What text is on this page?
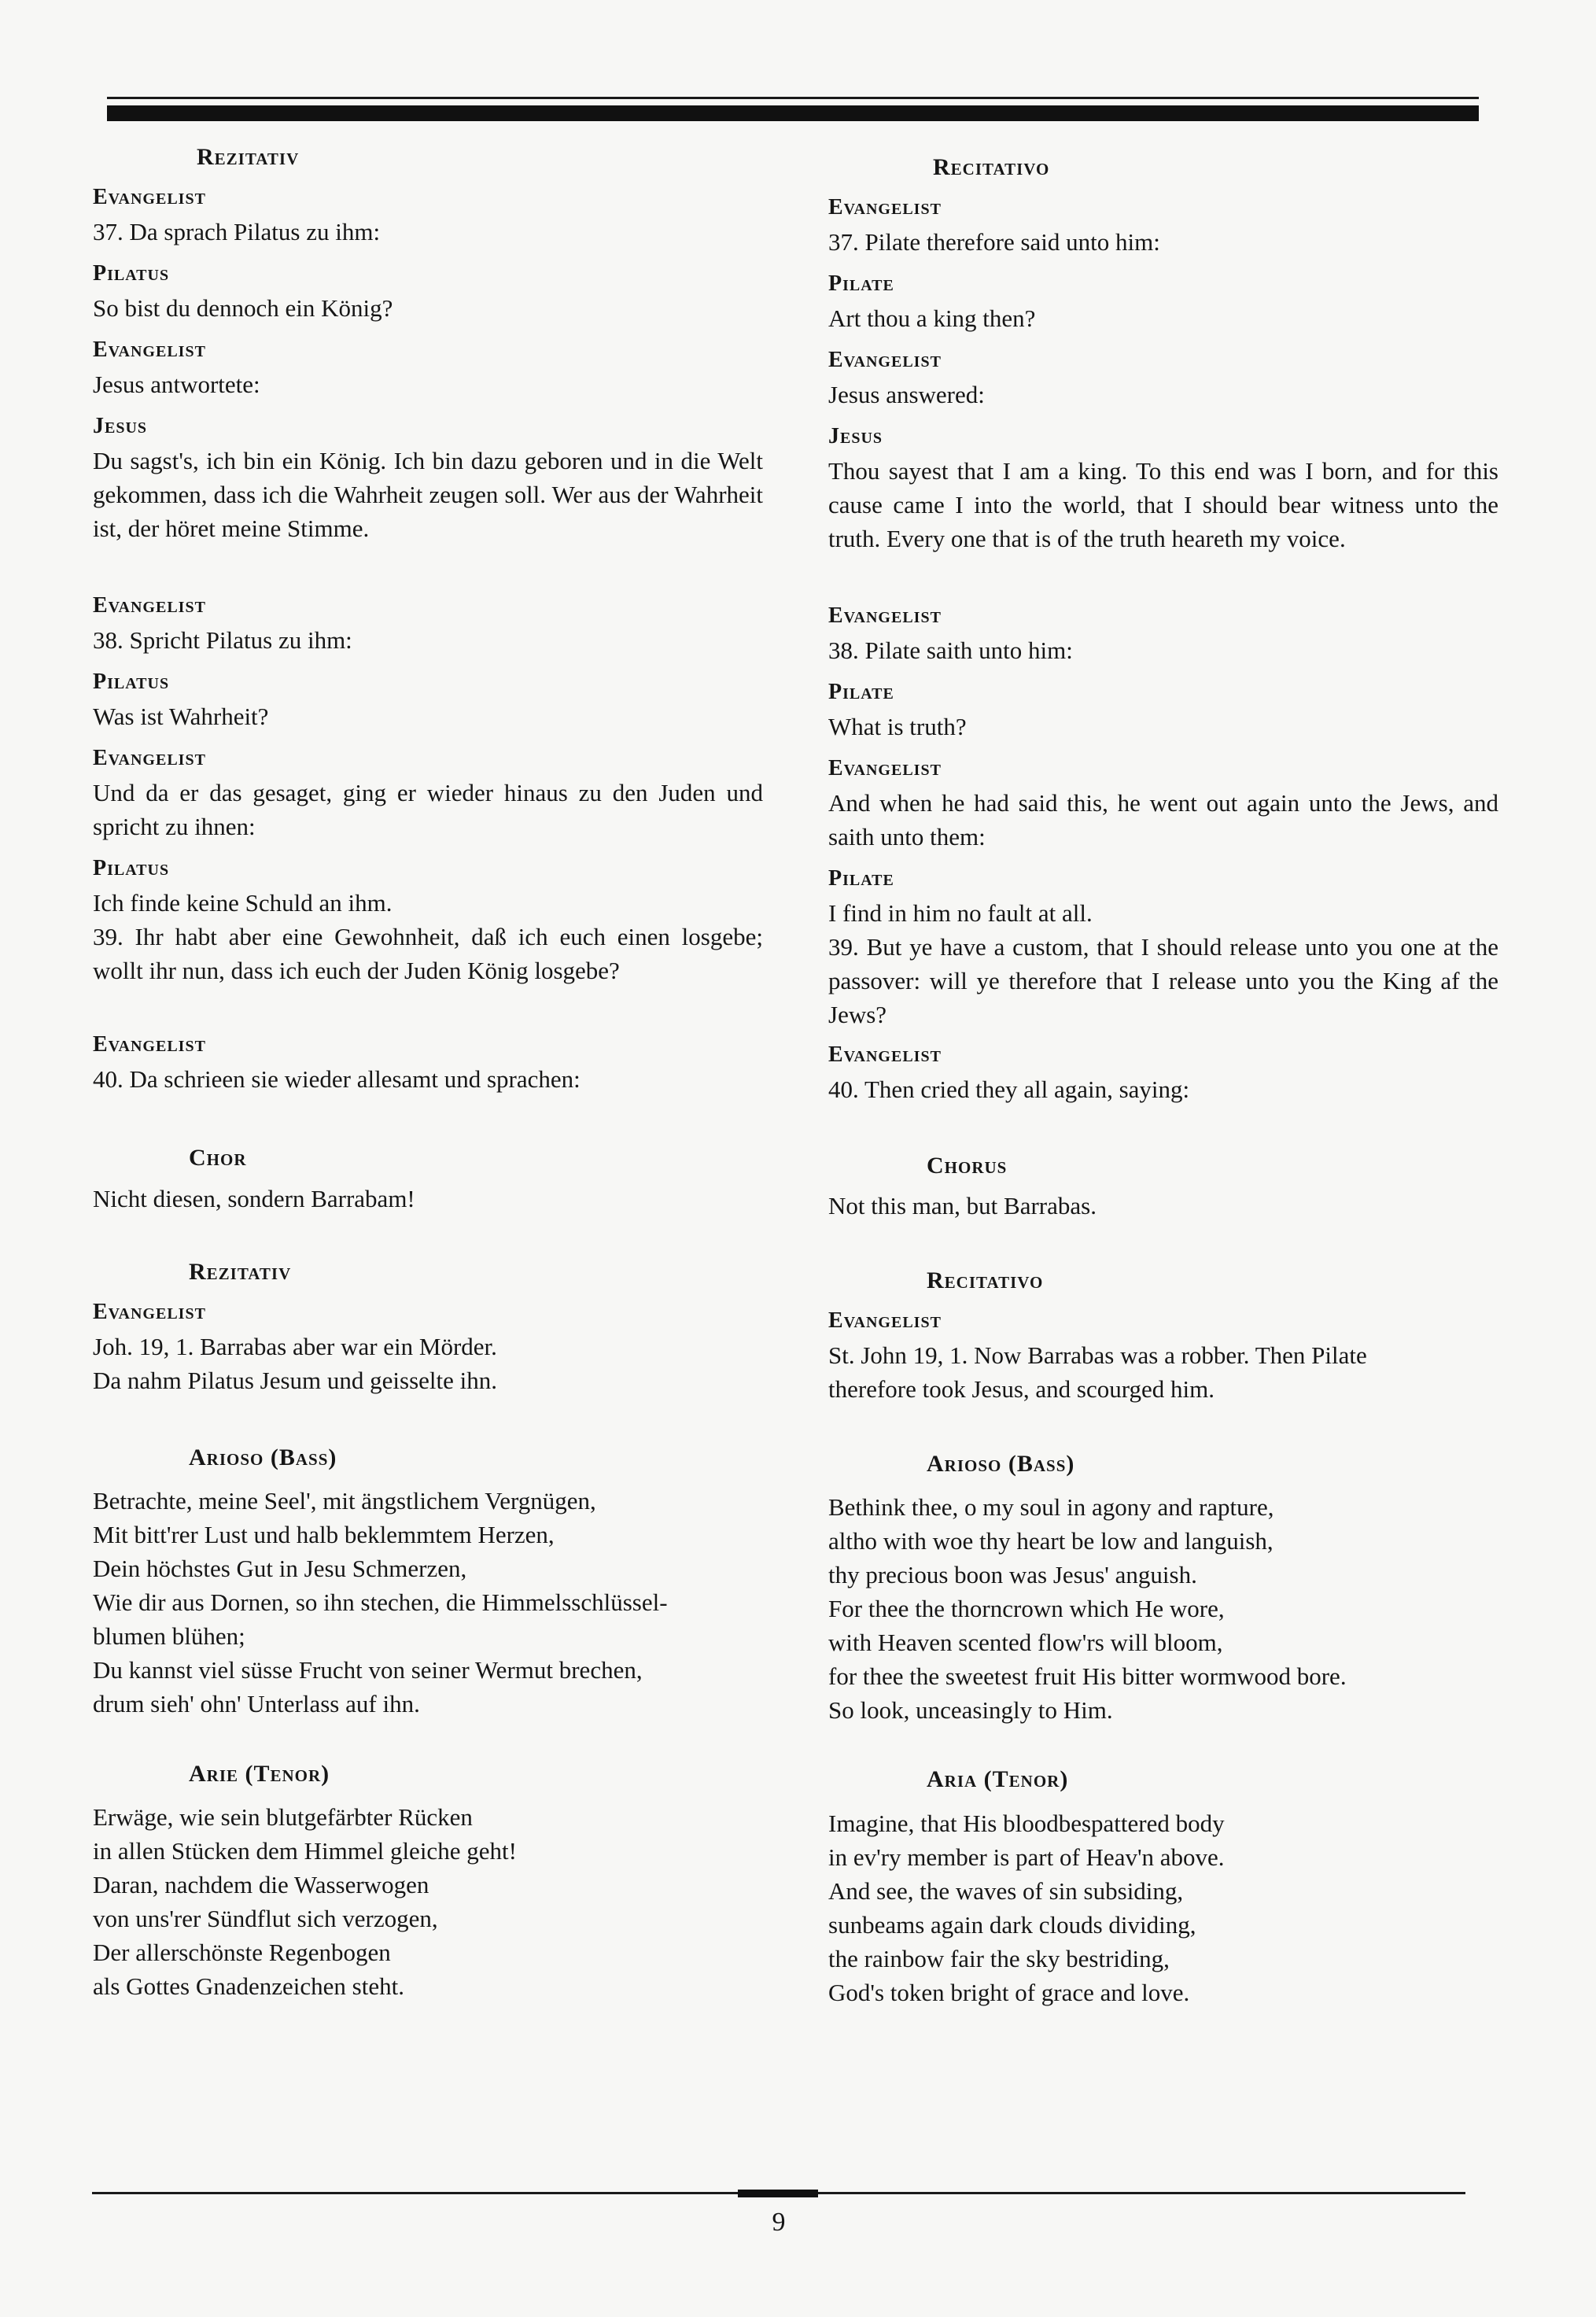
Rezitativ
Evangelist
37. Da sprach Pilatus zu ihm:
Pilatus
So bist du dennoch ein König?
Evangelist
Jesus antwortete:
Jesus
Du sagst's, ich bin ein König. Ich bin dazu geboren und in die Welt gekommen, dass ich die Wahrheit zeugen soll. Wer aus der Wahrheit ist, der höret meine Stimme.
Evangelist
38. Spricht Pilatus zu ihm:
Pilatus
Was ist Wahrheit?
Evangelist
Und da er das gesaget, ging er wieder hinaus zu den Juden und spricht zu ihnen:
Pilatus
Ich finde keine Schuld an ihm.
39. Ihr habt aber eine Gewohnheit, daß ich euch einen losgebe; wollt ihr nun, dass ich euch der Juden König losgebe?
Evangelist
40. Da schrieen sie wieder allesamt und sprachen:
Chor
Nicht diesen, sondern Barrabam!
Rezitativ
Evangelist
Joh. 19, 1. Barrabas aber war ein Mörder.
Da nahm Pilatus Jesum und geisselte ihn.
Arioso (Bass)
Betrachte, meine Seel', mit ängstlichem Vergnügen,
Mit bitt'rer Lust und halb beklemmtem Herzen,
Dein höchstes Gut in Jesu Schmerzen,
Wie dir aus Dornen, so ihn stechen, die Himmelsschlüssel-
blumen blühen;
Du kannst viel süsse Frucht von seiner Wermut brechen,
drum sieh' ohn' Unterlass auf ihn.
Arie (Tenor)
Erwäge, wie sein blutgefärbter Rücken
in allen Stücken dem Himmel gleiche geht!
Daran, nachdem die Wasserwogen
von uns'rer Sündflut sich verzogen,
Der allerschönste Regenbogen
als Gottes Gnadenzeichen steht.
Recitativo
Evangelist
37. Pilate therefore said unto him:
Pilate
Art thou a king then?
Evangelist
Jesus answered:
Jesus
Thou sayest that I am a king. To this end was I born, and for this cause came I into the world, that I should bear witness unto the truth. Every one that is of the truth heareth my voice.
Evangelist
38. Pilate saith unto him:
Pilate
What is truth?
Evangelist
And when he had said this, he went out again unto the Jews, and saith unto them:
Pilate
I find in him no fault at all.
39. But ye have a custom, that I should release unto you one at the passover: will ye therefore that I release unto you the King af the Jews?
Evangelist
40. Then cried they all again, saying:
Chorus
Not this man, but Barrabas.
Recitativo
Evangelist
St. John 19, 1. Now Barrabas was a robber. Then Pilate
therefore took Jesus, and scourged him.
Arioso (Bass)
Bethink thee, o my soul in agony and rapture,
altho with woe thy heart be low and languish,
thy precious boon was Jesus' anguish.
For thee the thorncrown which He wore,
with Heaven scented flow'rs will bloom,
for thee the sweetest fruit His bitter wormwood bore.
So look, unceasingly to Him.
Aria (Tenor)
Imagine, that His bloodbespattered body
in ev'ry member is part of Heav'n above.
And see, the waves of sin subsiding,
sunbeams again dark clouds dividing,
the rainbow fair the sky bestriding,
God's token bright of grace and love.
9
